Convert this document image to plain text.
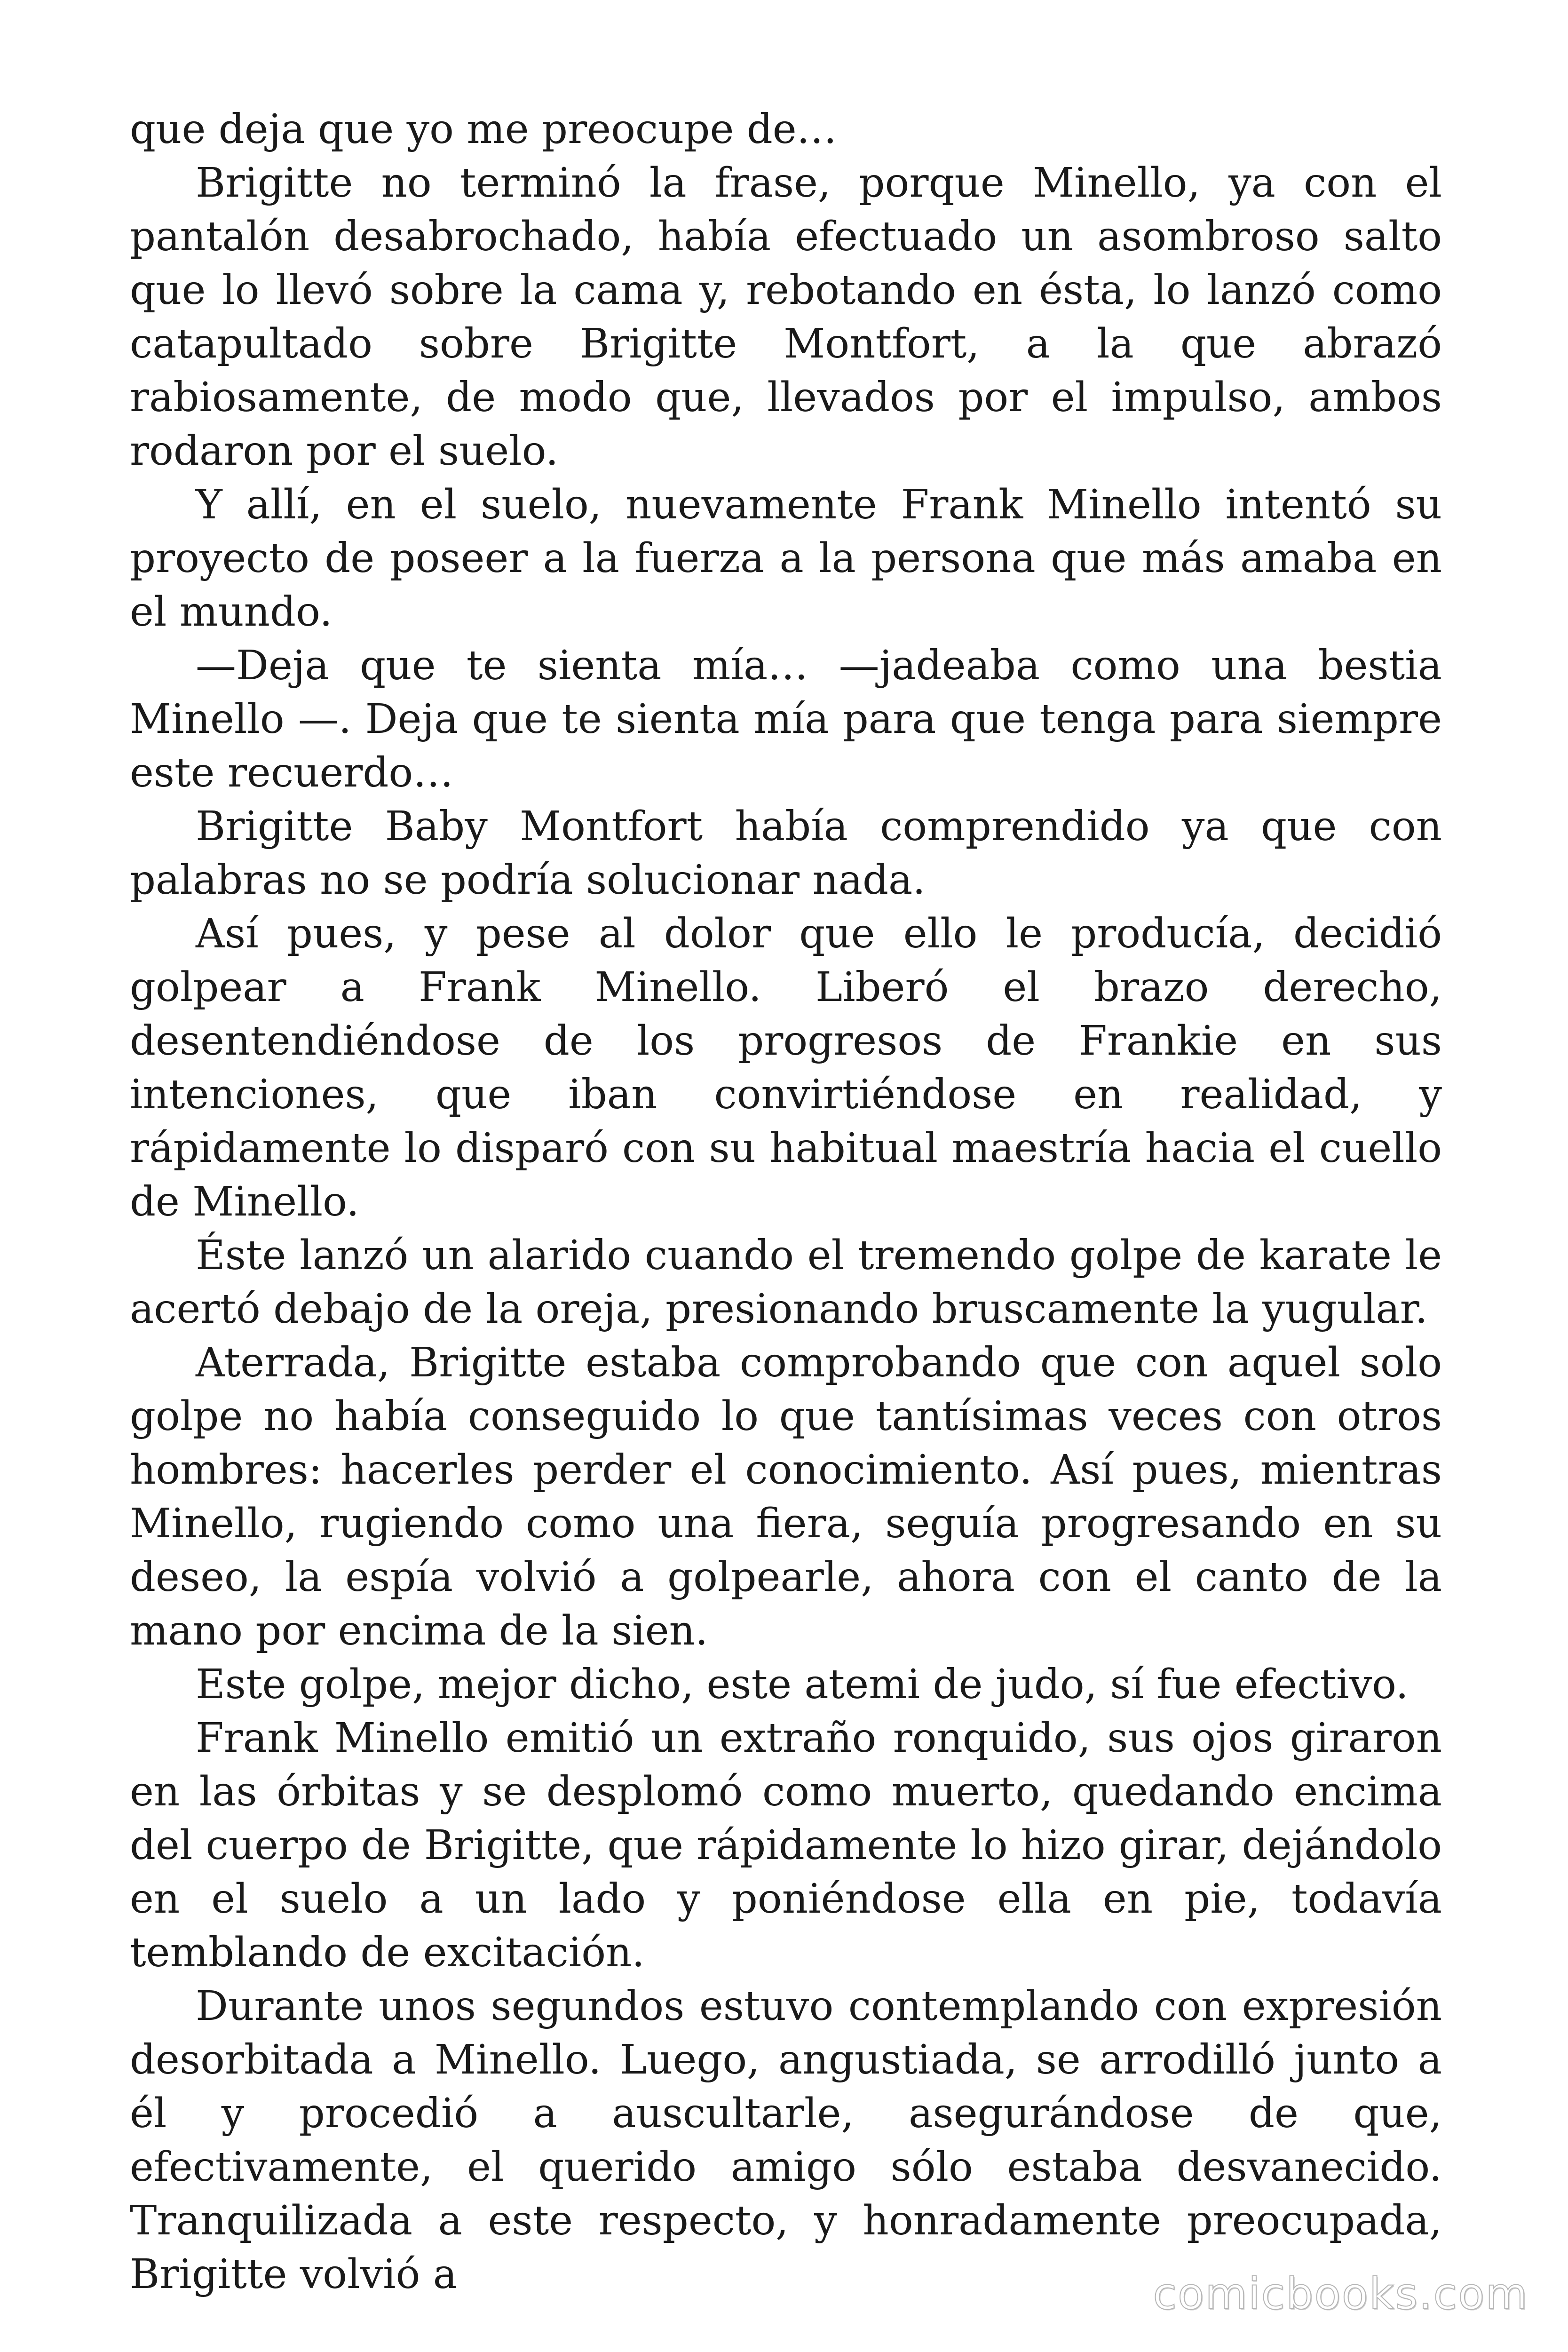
que deja que yo me preocupe de…

Brigitte no terminó la frase, porque Minello, ya con el pantalón desabrochado, había efectuado un asombroso salto que lo llevó sobre la cama y, rebotando en ésta, lo lanzó como catapultado sobre Brigitte Montfort, a la que abrazó rabiosamente, de modo que, llevados por el impulso, ambos rodaron por el suelo.

Y allí, en el suelo, nuevamente Frank Minello intentó su proyecto de poseer a la fuerza a la persona que más amaba en el mundo.

—Deja que te sienta mía… —jadeaba como una bestia Minello —. Deja que te sienta mía para que tenga para siempre este recuerdo…

Brigitte Baby Montfort había comprendido ya que con palabras no se podría solucionar nada.

Así pues, y pese al dolor que ello le producía, decidió golpear a Frank Minello. Liberó el brazo derecho, desentendiéndose de los progresos de Frankie en sus intenciones, que iban convirtiéndose en realidad, y rápidamente lo disparó con su habitual maestría hacia el cuello de Minello.

Éste lanzó un alarido cuando el tremendo golpe de karate le acertó debajo de la oreja, presionando bruscamente la yugular.

Aterrada, Brigitte estaba comprobando que con aquel solo golpe no había conseguido lo que tantísimas veces con otros hombres: hacerles perder el conocimiento. Así pues, mientras Minello, rugiendo como una fiera, seguía progresando en su deseo, la espía volvió a golpearle, ahora con el canto de la mano por encima de la sien.

Este golpe, mejor dicho, este atemi de judo, sí fue efectivo.

Frank Minello emitió un extraño ronquido, sus ojos giraron en las órbitas y se desplomó como muerto, quedando encima del cuerpo de Brigitte, que rápidamente lo hizo girar, dejándolo en el suelo a un lado y poniéndose ella en pie, todavía temblando de excitación.

Durante unos segundos estuvo contemplando con expresión desorbitada a Minello. Luego, angustiada, se arrodilló junto a él y procedió a auscultarle, asegurándose de que, efectivamente, el querido amigo sólo estaba desvanecido. Tranquilizada a este respecto, y honradamente preocupada, Brigitte volvió a	comicbooks.com
